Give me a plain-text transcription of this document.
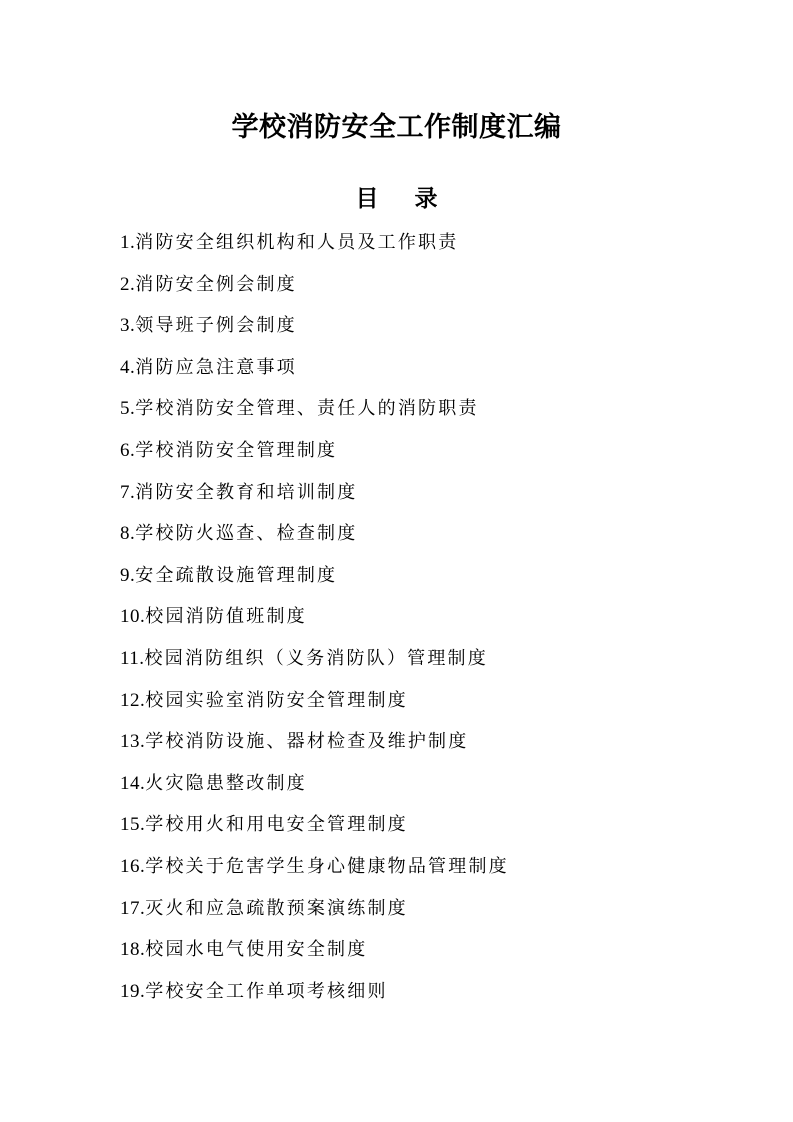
学校消防安全工作制度汇编
目 录
1.消防安全组织机构和人员及工作职责
2.消防安全例会制度
3.领导班子例会制度
4.消防应急注意事项
5.学校消防安全管理、责任人的消防职责
6.学校消防安全管理制度
7.消防安全教育和培训制度
8.学校防火巡查、检查制度
9.安全疏散设施管理制度
10.校园消防值班制度
11.校园消防组织（义务消防队）管理制度
12.校园实验室消防安全管理制度
13.学校消防设施、器材检查及维护制度
14.火灾隐患整改制度
15.学校用火和用电安全管理制度
16.学校关于危害学生身心健康物品管理制度
17.灭火和应急疏散预案演练制度
18.校园水电气使用安全制度
19.学校安全工作单项考核细则
